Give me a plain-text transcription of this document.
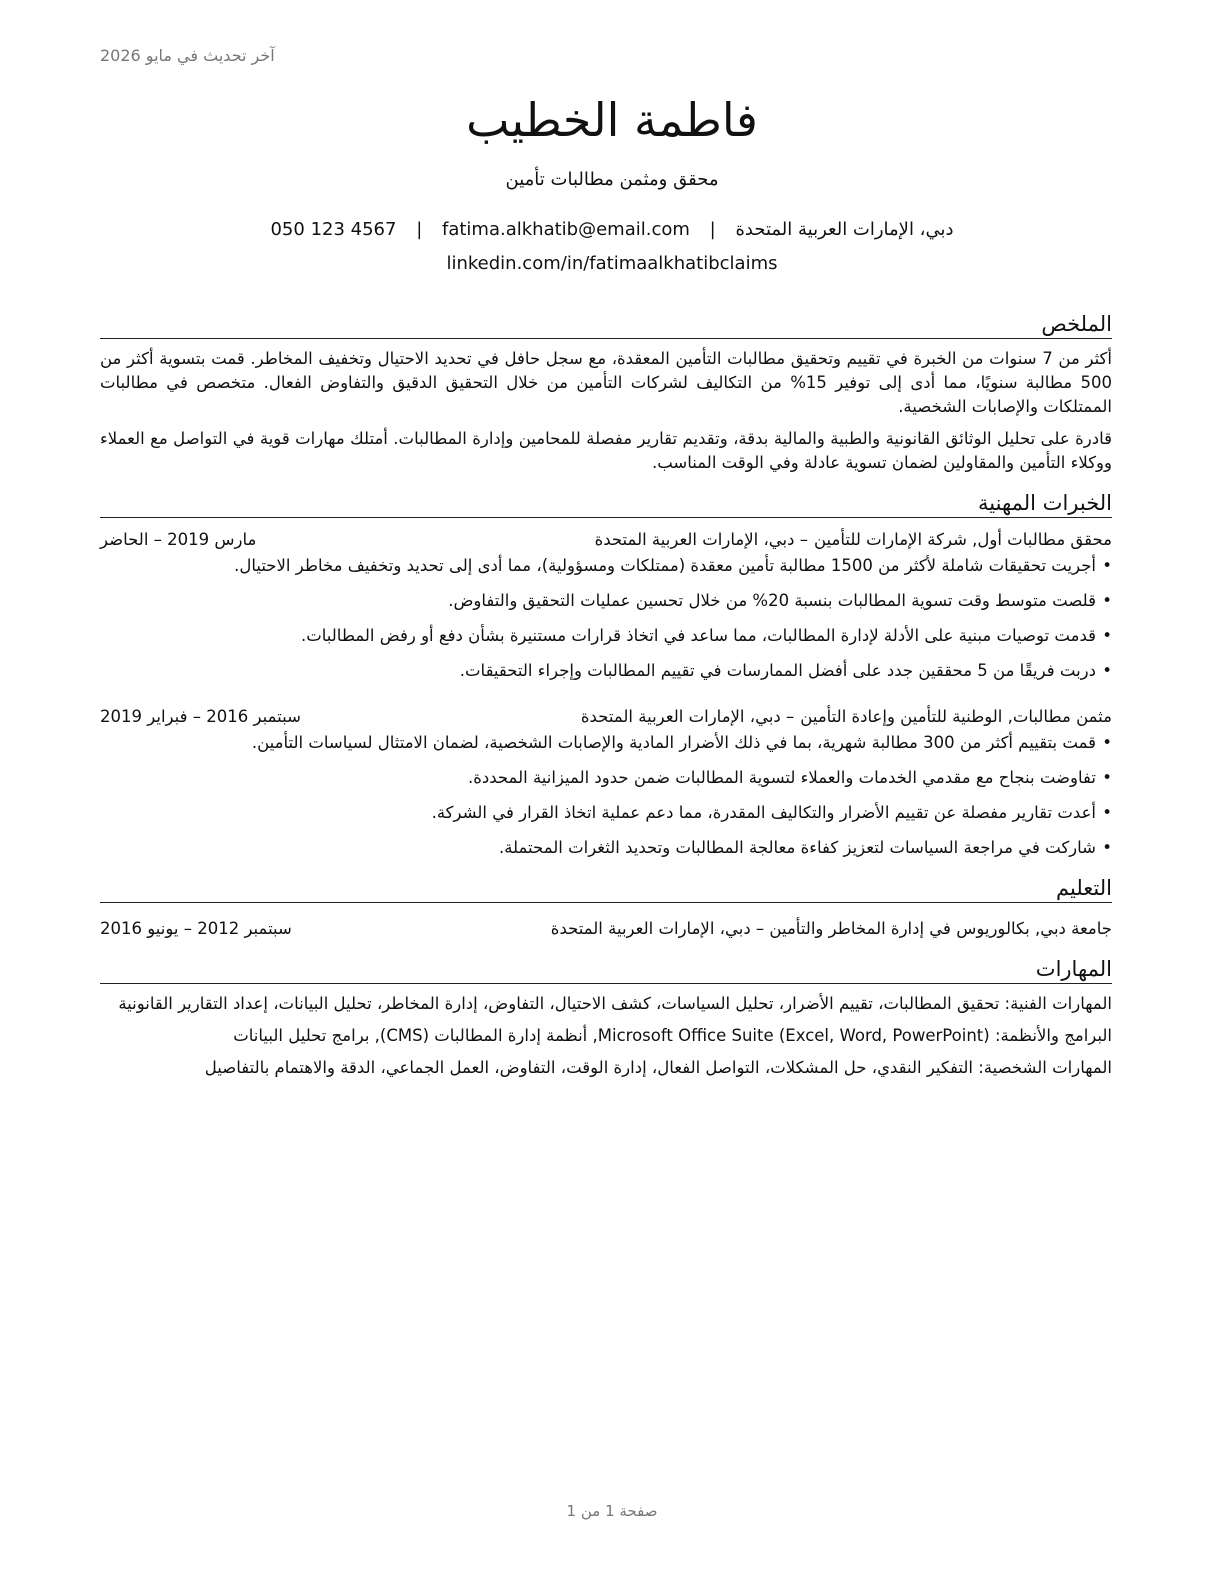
آخر تحديث في مايو 2026
فاطمة الخطيب
محقق ومثمن مطالبات تأمين
دبي، الإمارات العربية المتحدة | fatima.alkhatib@email.com | 050 123 4567
linkedin.com/in/fatimaalkhatibclaims
الملخص

أكثر من 7 سنوات من الخبرة في تقييم وتحقيق مطالبات التأمين المعقدة، مع سجل حافل في تحديد الاحتيال وتخفيف المخاطر. قمت بتسوية أكثر من 500 مطالبة سنويًا، مما أدى إلى توفير 15% من التكاليف لشركات التأمين من خلال التحقيق الدقيق والتفاوض الفعال. متخصص في مطالبات الممتلكات والإصابات الشخصية.

قادرة على تحليل الوثائق القانونية والطبية والمالية بدقة، وتقديم تقارير مفصلة للمحامين وإدارة المطالبات. أمتلك مهارات قوية في التواصل مع العملاء ووكلاء التأمين والمقاولين لضمان تسوية عادلة وفي الوقت المناسب.

الخبرات المهنية
محقق مطالبات أول, شركة الإمارات للتأمين
– دبي، الإمارات العربية المتحدة
مارس 2019 – الحاضر
•
أجريت تحقيقات شاملة لأكثر من 1500 مطالبة تأمين معقدة (ممتلكات ومسؤولية)، مما أدى إلى تحديد وتخفيف مخاطر الاحتيال.
•
قلصت متوسط وقت تسوية المطالبات بنسبة 20% من خلال تحسين عمليات التحقيق والتفاوض.
•
قدمت توصيات مبنية على الأدلة لإدارة المطالبات، مما ساعد في اتخاذ قرارات مستنيرة بشأن دفع أو رفض المطالبات.
•
دربت فريقًا من 5 محققين جدد على أفضل الممارسات في تقييم المطالبات وإجراء التحقيقات.
مثمن مطالبات, الوطنية للتأمين وإعادة التأمين
– دبي، الإمارات العربية المتحدة
سبتمبر 2016 – فبراير 2019
•
قمت بتقييم أكثر من 300 مطالبة شهرية، بما في ذلك الأضرار المادية والإصابات الشخصية، لضمان الامتثال لسياسات التأمين.
•
تفاوضت بنجاح مع مقدمي الخدمات والعملاء لتسوية المطالبات ضمن حدود الميزانية المحددة.
•
أعدت تقارير مفصلة عن تقييم الأضرار والتكاليف المقدرة، مما دعم عملية اتخاذ القرار في الشركة.
•
شاركت في مراجعة السياسات لتعزيز كفاءة معالجة المطالبات وتحديد الثغرات المحتملة.
التعليم
جامعة دبي, بكالوريوس في إدارة المخاطر والتأمين – دبي، الإمارات العربية المتحدة
سبتمبر 2012 – يونيو 2016
المهارات
المهارات الفنية: تحقيق المطالبات، تقييم الأضرار، تحليل السياسات، كشف الاحتيال، التفاوض، إدارة المخاطر، تحليل البيانات، إعداد التقارير القانونية
البرامج والأنظمة: Microsoft Office Suite (Excel, Word, PowerPoint), أنظمة إدارة المطالبات (CMS), برامج تحليل البيانات
المهارات الشخصية: التفكير النقدي، حل المشكلات، التواصل الفعال، إدارة الوقت، التفاوض، العمل الجماعي، الدقة والاهتمام بالتفاصيل
صفحة 1 من 1
